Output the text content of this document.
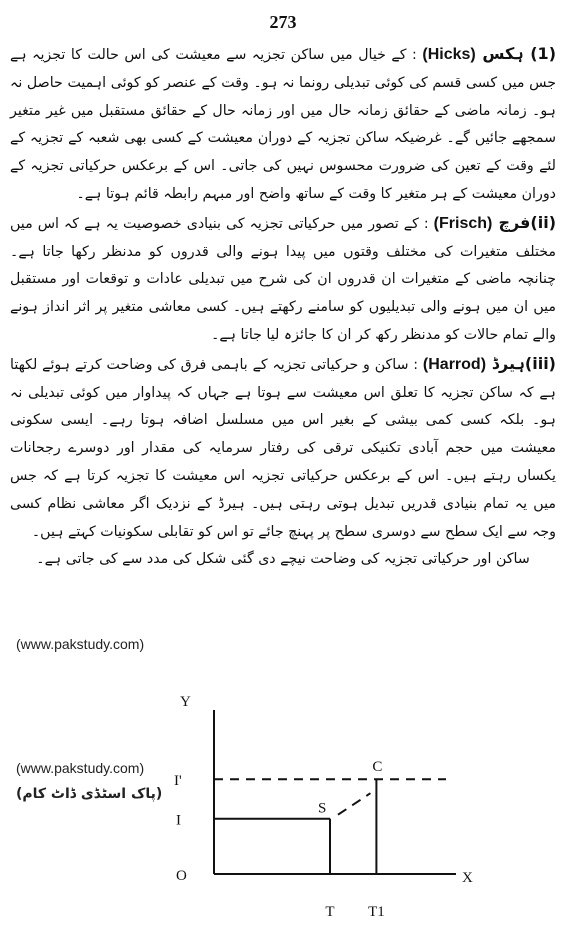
273

(1) ہکس (Hicks) : کے خیال میں ساکن تجزیہ سے معیشت کی اس حالت کا تجزیہ ہے جس میں کسی قسم کی کوئی تبدیلی رونما نہ ہو۔ وقت کے عنصر کو کوئی اہمیت حاصل نہ ہو۔ زمانہ ماضی کے حقائق زمانہ حال میں اور زمانہ حال کے حقائق مستقبل میں غیر متغیر سمجھے جائیں گے۔ غرضیکہ ساکن تجزیہ کے دوران معیشت کے کسی بھی شعبہ کے تجزیہ کے لئے وقت کے تعین کی ضرورت محسوس نہیں کی جاتی۔ اس کے برعکس حرکیاتی تجزیہ کے دوران معیشت کے ہر متغیر کا وقت کے ساتھ واضح اور مبہم رابطہ قائم ہوتا ہے۔

(ii)فرچ (Frisch) : کے تصور میں حرکیاتی تجزیہ کی بنیادی خصوصیت یہ ہے کہ اس میں مختلف متغیرات کی مختلف وقتوں میں پیدا ہونے والی قدروں کو مدنظر رکھا جاتا ہے۔ چنانچہ ماضی کے متغیرات ان قدروں ان کی شرح میں تبدیلی عادات و توقعات اور مستقبل میں ان میں ہونے والی تبدیلیوں کو سامنے رکھتے ہیں۔ کسی معاشی متغیر پر اثر انداز ہونے والے تمام حالات کو مدنظر رکھ کر ان کا جائزہ لیا جاتا ہے۔

(iii)ہیرڈ (Harrod) : ساکن و حرکیاتی تجزیہ کے باہمی فرق کی وضاحت کرتے ہوئے لکھتا ہے کہ ساکن تجزیہ کا تعلق اس معیشت سے ہوتا ہے جہاں کہ پیداوار میں کوئی تبدیلی نہ ہو۔ بلکہ کسی کمی بیشی کے بغیر اس میں مسلسل اضافہ ہوتا رہے۔ ایسی سکونی معیشت میں حجم آبادی تکنیکی ترقی کی رفتار سرمایہ کی مقدار اور دوسرے رجحانات یکساں رہتے ہیں۔ اس کے برعکس حرکیاتی تجزیہ اس معیشت کا تجزیہ کرتا ہے کہ جس میں یہ تمام بنیادی قدریں تبدیل ہوتی رہتی ہیں۔ ہیرڈ کے نزدیک اگر معاشی نظام کسی وجہ سے ایک سطح سے دوسری سطح پر پہنچ جائے تو اس کو تقابلی سکونیات کہتے ہیں۔

ساکن اور حرکیاتی تجزیہ کی وضاحت نیچے دی گئی شکل کی مدد سے کی جاتی ہے۔

(www.pakstudy.com)
(www.pakstudy.com)
(پاک اسٹڈی ڈاٹ کام)
Y
X
O
I
S
I'
C
T T1
